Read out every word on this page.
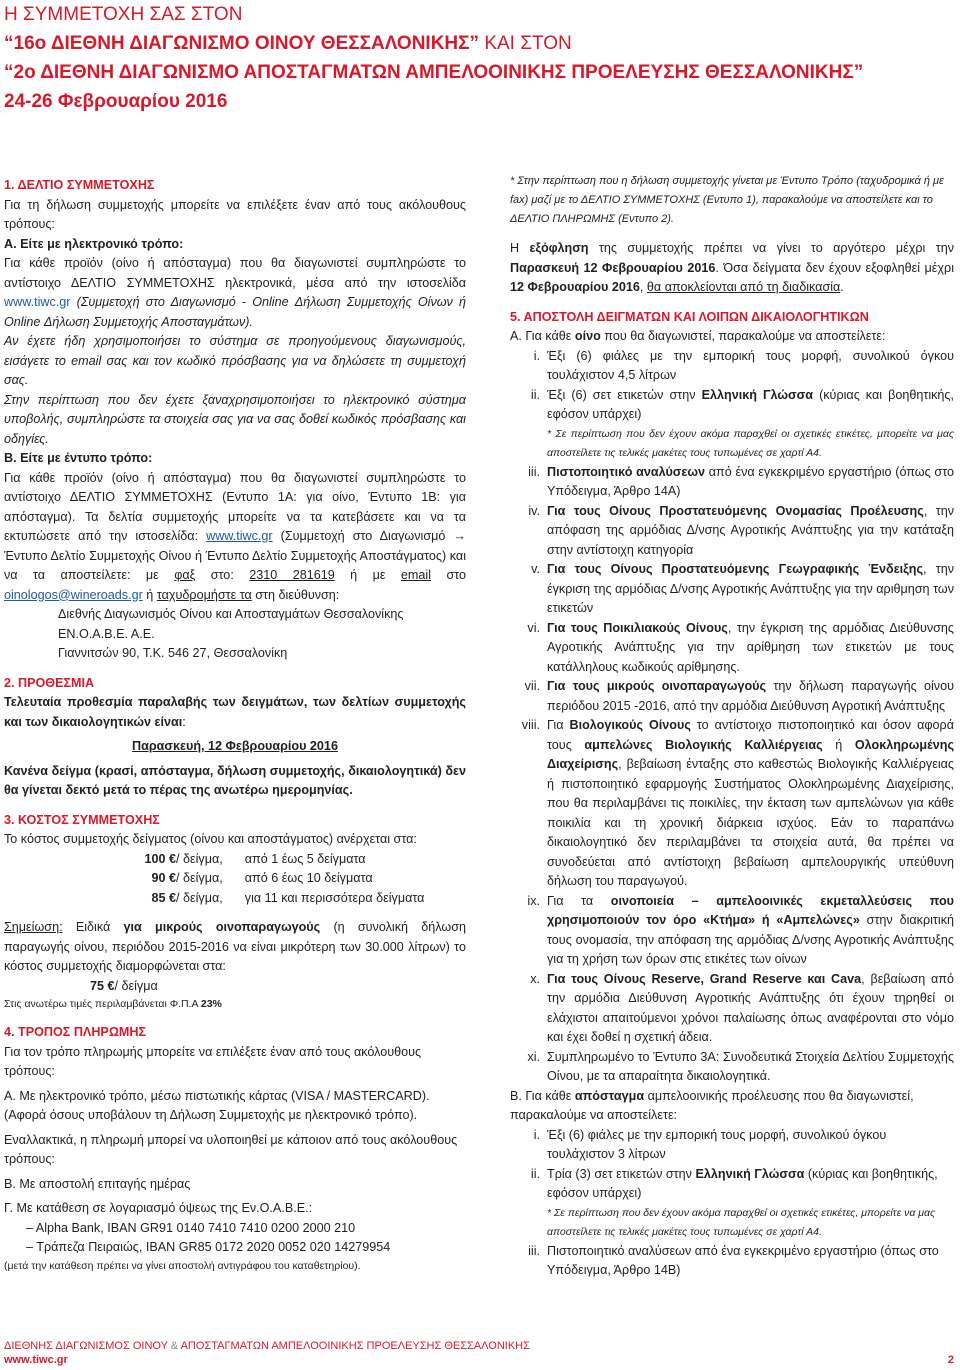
Η ΣΥΜΜΕΤΟΧΗ ΣΑΣ ΣΤΟΝ
“16ο ΔΙΕΘΝΗ ΔΙΑΓΩΝΙΣΜΟ ΟΙΝΟΥ ΘΕΣΣΑΛΟΝΙΚΗΣ” ΚΑΙ ΣΤΟΝ
“2ο ΔΙΕΘΝΗ ΔΙΑΓΩΝΙΣΜΟ ΑΠΟΣΤΑΓΜΑΤΩΝ ΑΜΠΕΛΟΟΙΝΙΚΗΣ ΠΡΟΕΛΕΥΣΗΣ ΘΕΣΣΑΛΟΝΙΚΗΣ”
24-26 Φεβρουαρίου 2016

1. ΔΕΛΤΙΟ ΣΥΜΜΕΤΟΧΗΣ

Για τη δήλωση συμμετοχής μπορείτε να επιλέξετε έναν από τους ακόλουθους τρόπους:

Α. Είτε με ηλεκτρονικό τρόπο:

Για κάθε προϊόν (οίνο ή απόσταγμα) που θα διαγωνιστεί συμπληρώστε το αντίστοιχο ΔΕΛΤΙΟ ΣΥΜΜΕΤΟΧΗΣ ηλεκτρονικά, μέσα από την ιστοσελίδα www.tiwc.gr (Συμμετοχή στο Διαγωνισμό - Online Δήλωση Συμμετοχής Οίνων ή Online Δήλωση Συμμετοχής Αποσταγμάτων).

Αν έχετε ήδη χρησιμοποιήσει το σύστημα σε προηγούμενους διαγωνισμούς, εισάγετε το email σας και τον κωδικό πρόσβασης για να δηλώσετε τη συμμετοχή σας.

Στην περίπτωση που δεν έχετε ξαναχρησιμοποιήσει το ηλεκτρονικό σύστημα υποβολής, συμπληρώστε τα στοιχεία σας για να σας δοθεί κωδικός πρόσβασης και οδηγίες.

Β. Είτε με έντυπο τρόπο:

Για κάθε προϊόν (οίνο ή απόσταγμα) που θα διαγωνιστεί συμπληρώστε το αντίστοιχο ΔΕΛΤΙΟ ΣΥΜΜΕΤΟΧΗΣ (Εντυπο 1Α: για οίνο, Έντυπο 1Β: για απόσταγμα). Τα δελτία συμμετοχής μπορείτε να τα κατεβάσετε και να τα εκτυπώσετε από την ιστοσελίδα: www.tiwc.gr (Συμμετοχή στο Διαγωνισμό → Έντυπο Δελτίο Συμμετοχής Οίνου ή Έντυπο Δελτίο Συμμετοχής Αποστάγματος) και να τα αποστείλετε: με φαξ στο: 2310 281619 ή με email στο oinologos@wineroads.gr ή ταχυδρομήστε τα στη διεύθυνση:

Διεθνής Διαγωνισμός Οίνου και Αποσταγμάτων Θεσσαλονίκης

ΕΝ.Ο.Α.Β.Ε. Α.Ε.

Γιαννιτσών 90, Τ.Κ. 546 27, Θεσσαλονίκη

2. ΠΡΟΘΕΣΜΙΑ

Τελευταία προθεσμία παραλαβής των δειγμάτων, των δελτίων συμμετοχής και των δικαιολογητικών είναι:

Παρασκευή, 12 Φεβρουαρίου 2016

Κανένα δείγμα (κρασί, απόσταγμα, δήλωση συμμετοχής, δικαιολογητικά) δεν θα γίνεται δεκτό μετά το πέρας της ανωτέρω ημερομηνίας.

3. ΚΟΣΤΟΣ ΣΥΜΜΕΤΟΧΗΣ

Το κόστος συμμετοχής δείγματος (οίνου και αποστάγματος) ανέρχεται στα:

100 € / δείγμα,	από 1 έως 5 δείγματα
90 € / δείγμα,	από 6 έως 10 δείγματα
85 € / δείγμα,	για 11 και περισσότερα δείγματα

Σημείωση: Ειδικά για μικρούς οινοπαραγωγούς (η συνολική δήλωση παραγωγής οίνου, περιόδου 2015-2016 να είναι μικρότερη των 30.000 λίτρων) το κόστος συμμετοχής διαμορφώνεται στα:

75 € / δείγμα

Στις ανωτέρω τιμές περιλαμβάνεται Φ.Π.Α 23%

4. ΤΡΟΠΟΣ ΠΛΗΡΩΜΗΣ

Για τον τρόπο πληρωμής μπορείτε να επιλέξετε έναν από τους ακόλουθους τρόπους:

Α. Με ηλεκτρονικό τρόπο, μέσω πιστωτικής κάρτας (VISA / MASTERCARD). (Αφορά όσους υποβάλουν τη Δήλωση Συμμετοχής με ηλεκτρονικό τρόπο).

Εναλλακτικά, η πληρωμή μπορεί να υλοποιηθεί με κάποιον από τους ακόλουθους τρόπους:

Β. Με αποστολή επιταγής ημέρας

Γ. Με κατάθεση σε λογαριασμό όψεως της Εν.Ο.Α.Β.Ε.:

– Alpha Bank, IBAN GR91 0140 7410 7410 0200 2000 210

– Τράπεζα Πειραιώς, IBAN GR85 0172 2020 0052 020 14279954

(μετά την κατάθεση πρέπει να γίνει αποστολή αντιγράφου του καταθετηρίου).

* Στην περίπτωση που η δήλωση συμμετοχής γίνεται με Έντυπο Τρόπο (ταχυδρομικά ή με fax) μαζί με το ΔΕΛΤΙΟ ΣΥΜΜΕΤΟΧΗΣ (Εντυπο 1), παρακαλούμε να αποστείλετε και το ΔΕΛΤΙΟ ΠΛΗΡΩΜΗΣ (Εντυπο 2).

Η εξόφληση της συμμετοχής πρέπει να γίνει το αργότερο μέχρι την Παρασκευή 12 Φεβρουαρίου 2016. Όσα δείγματα δεν έχουν εξοφληθεί μέχρι 12 Φεβρουαρίου 2016, θα αποκλείονται από τη διαδικασία.

5. ΑΠΟΣΤΟΛΗ ΔΕΙΓΜΑΤΩΝ ΚΑΙ ΛΟΙΠΩΝ ΔΙΚΑΙΟΛΟΓΗΤΙΚΩΝ

Α. Για κάθε οίνο που θα διαγωνιστεί, παρακαλούμε να αποστείλετε:

i. Έξι (6) φιάλες με την εμπορική τους μορφή, συνολικού όγκου τουλάχιστον 4,5 λίτρων
ii. Έξι (6) σετ ετικετών στην Ελληνική Γλώσσα (κύριας και βοηθητικής, εφόσον υπάρχει)
* Σε περίπτωση που δεν έχουν ακόμα παραχθεί οι σχετικές ετικέτες, μπορείτε να μας αποστείλετε τις τελικές μακέτες τους τυπωμένες σε χαρτί Α4.
iii. Πιστοποιητικό αναλύσεων από ένα εγκεκριμένο εργαστήριο (όπως στο Υπόδειγμα, Άρθρο 14Α)
iv. Για τους Οίνους Προστατευόμενης Ονομασίας Προέλευσης, την απόφαση της αρμόδιας Δ/νσης Αγροτικής Ανάπτυξης για την κατάταξη στην αντίστοιχη κατηγορία
v. Για τους Οίνους Προστατευόμενης Γεωγραφικής Ένδειξης, την έγκριση της αρμόδιας Δ/νσης Αγροτικής Ανάπτυξης για την αριθμηση των ετικετών
vi. Για τους Ποικιλιακούς Οίνους, την έγκριση της αρμόδιας Διεύθυνσης Αγροτικής Ανάπτυξης για την αρίθμηση των ετικετών με τους κατάλληλους κωδικούς αρίθμησης.
vii. Για τους μικρούς οινοπαραγωγούς την δήλωση παραγωγής οίνου περιόδου 2015 -2016, από την αρμόδια Διεύθυνση Αγροτική Ανάπτυξης
viii. Για Βιολογικούς Οίνους το αντίστοιχο πιστοποιητικό και όσον αφορά τους αμπελώνες Βιολογικής Καλλιέργειας ή Ολοκληρωμένης Διαχείρισης, βεβαίωση ένταξης στο καθεστώς Βιολογικής Καλλιέργειας ή πιστοποιητικό εφαρμογής Συστήματος Ολοκληρωμένης Διαχείρισης, που θα περιλαμβάνει τις ποικιλίες, την έκταση των αμπελώνων για κάθε ποικιλία και τη χρονική διάρκεια ισχύος. Εάν το παραπάνω δικαιολογητικό δεν περιλαμβάνει τα στοιχεία αυτά, θα πρέπει να συνοδεύεται από αντίστοιχη βεβαίωση αμπελουργικής υπεύθυνη δήλωση του παραγωγού.
ix. Για τα οινοποιεία – αμπελοοινικές εκμεταλλεύσεις που χρησιμοποιούν τον όρο «Κτήμα» ή «Αμπελώνες» στην διακριτική τους ονομασία, την απόφαση της αρμόδιας Δ/νσης Αγροτικής Ανάπτυξης για τη χρήση των όρων στις ετικέτες των οίνων
x. Για τους Οίνους Reserve, Grand Reserve και Cava, βεβαίωση από την αρμόδια Διεύθυνση Αγροτικής Ανάπτυξης ότι έχουν τηρηθεί οι ελάχιστοι απαιτούμενοι χρόνοι παλαίωσης όπως αναφέρονται στο νόμο και έχει δοθεί η σχετική άδεια.
xi. Συμπληρωμένο το Έντυπο 3Α: Συνοδευτικά Στοιχεία Δελτίου Συμμετοχής Οίνου, με τα απαραίτητα δικαιολογητικά.

Β. Για κάθε απόσταγμα αμπελοοινικής προέλευσης που θα διαγωνιστεί, παρακαλούμε να αποστείλετε:

i. Έξι (6) φιάλες με την εμπορική τους μορφή, συνολικού όγκου τουλάχιστον 3 λίτρων
ii. Τρία (3) σετ ετικετών στην Ελληνική Γλώσσα (κύριας και βοηθητικής, εφόσον υπάρχει)
* Σε περίπτωση που δεν έχουν ακόμα παραχθεί οι σχετικές ετικέτες, μπορείτε να μας αποστείλετε τις τελικές μακέτες τους τυπωμένες σε χαρτί Α4.
iii. Πιστοποιητικό αναλύσεων από ένα εγκεκριμένο εργαστήριο (όπως στο Υπόδειγμα, Άρθρο 14Β)
ΔΙΕΘΝΗΣ ΔΙΑΓΩΝΙΣΜΟΣ ΟΙΝΟΥ & ΑΠΟΣΤΑΓΜΑΤΩΝ ΑΜΠΕΛΟΟΙΝΙΚΗΣ ΠΡΟΕΛΕΥΣΗΣ ΘΕΣΣΑΛΟΝΙΚΗΣ
www.tiwc.gr	2
